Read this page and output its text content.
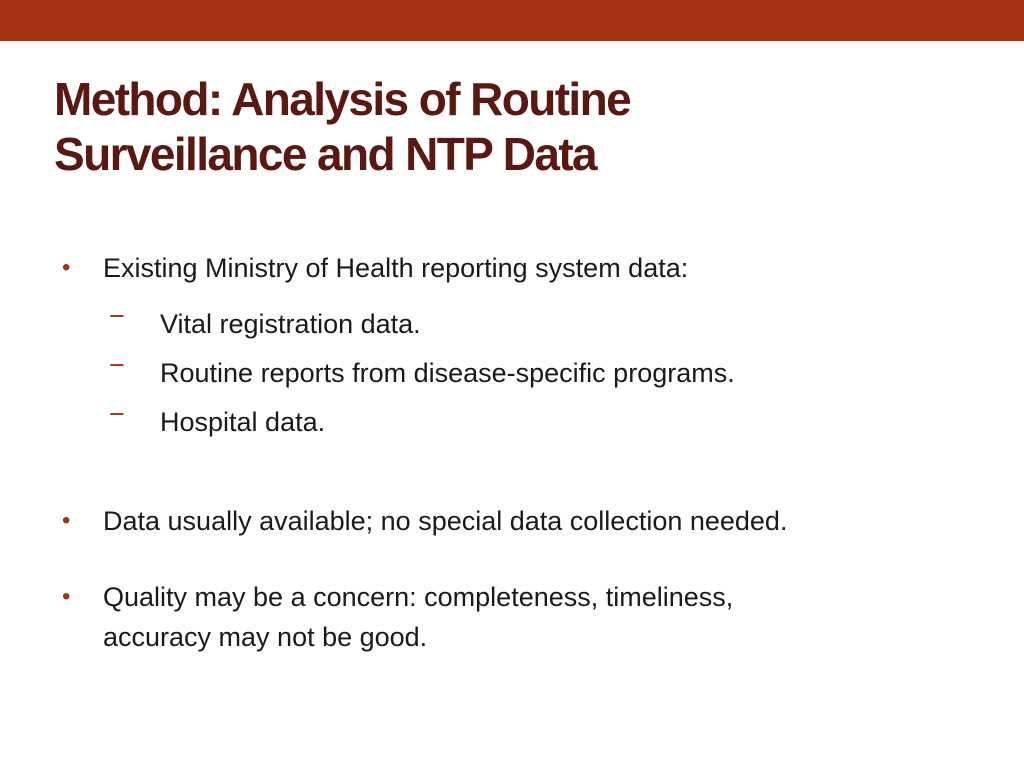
Method: Analysis of Routine
Surveillance and NTP Data
• Existing Ministry of Health reporting system data:
− Vital registration data.
− Routine reports from disease-specific programs.
− Hospital data.
• Data usually available; no special data collection needed.
• Quality may be a concern: completeness, timeliness,
accuracy may not be good.
